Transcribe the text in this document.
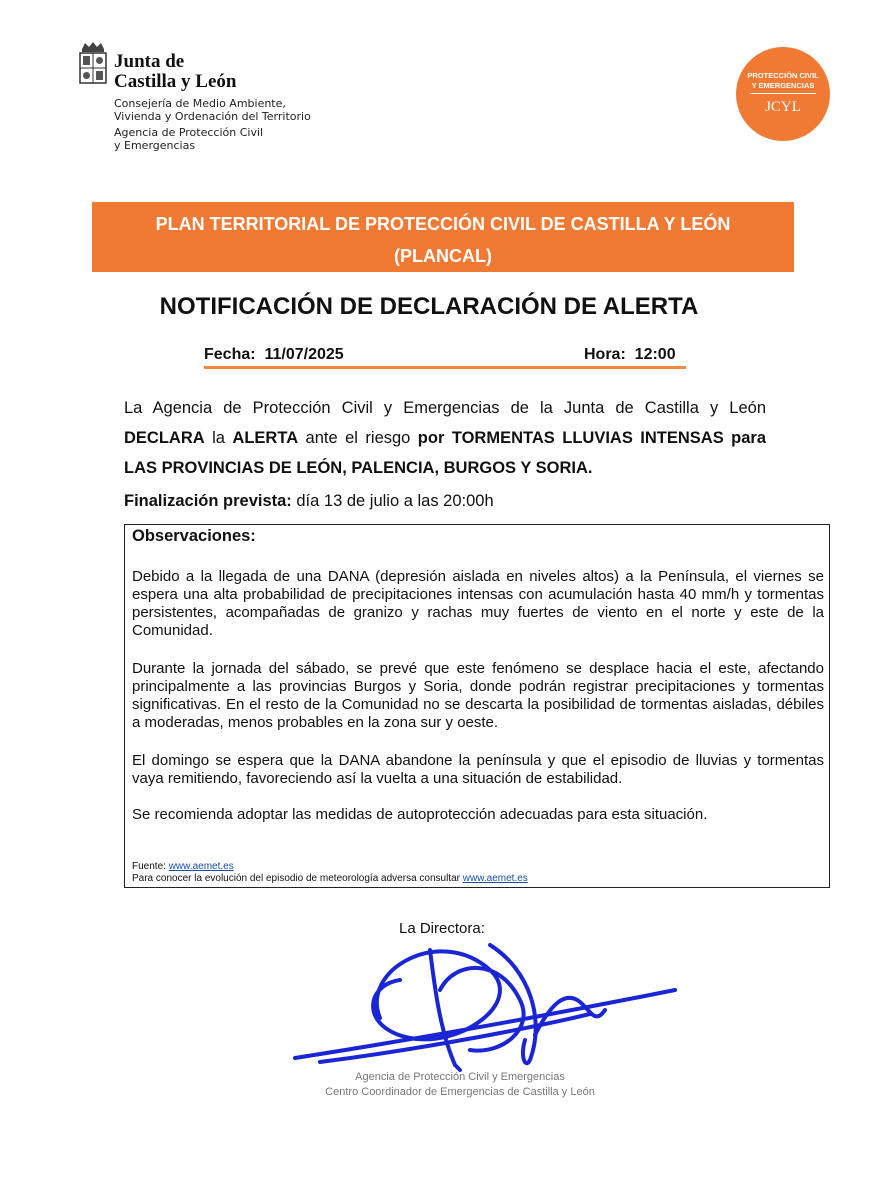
Junta de
Castilla y León
Consejería de Medio Ambiente,
Vivienda y Ordenación del Territorio
Agencia de Protección Civil
y Emergencias
PROTECCIÓN CIVIL
Y EMERGENCIAS
JCYL
PLAN TERRITORIAL DE PROTECCIÓN CIVIL DE CASTILLA Y LEÓN
(PLANCAL)
NOTIFICACIÓN DE DECLARACIÓN DE ALERTA
Fecha: 11/07/2025	Hora: 12:00
La Agencia de Protección Civil y Emergencias de la Junta de Castilla y León DECLARA la ALERTA ante el riesgo por TORMENTAS LLUVIAS INTENSAS para LAS PROVINCIAS DE LEÓN, PALENCIA, BURGOS Y SORIA.
Finalización prevista: día 13 de julio a las 20:00h
Observaciones:
Debido a la llegada de una DANA (depresión aislada en niveles altos) a la Península, el viernes se espera una alta probabilidad de precipitaciones intensas con acumulación hasta 40 mm/h y tormentas persistentes, acompañadas de granizo y rachas muy fuertes de viento en el norte y este de la Comunidad.
Durante la jornada del sábado, se prevé que este fenómeno se desplace hacia el este, afectando principalmente a las provincias Burgos y Soria, donde podrán registrar precipitaciones y tormentas significativas. En el resto de la Comunidad no se descarta la posibilidad de tormentas aisladas, débiles a moderadas, menos probables en la zona sur y oeste.
El domingo se espera que la DANA abandone la península y que el episodio de lluvias y tormentas vaya remitiendo, favoreciendo así la vuelta a una situación de estabilidad.
Se recomienda adoptar las medidas de autoprotección adecuadas para esta situación.
Fuente: www.aemet.es
Para conocer la evolución del episodio de meteorología adversa consultar www.aemet.es
La Directora:
Agencia de Protección Civil y Emergencias
Centro Coordinador de Emergencias de Castilla y León
